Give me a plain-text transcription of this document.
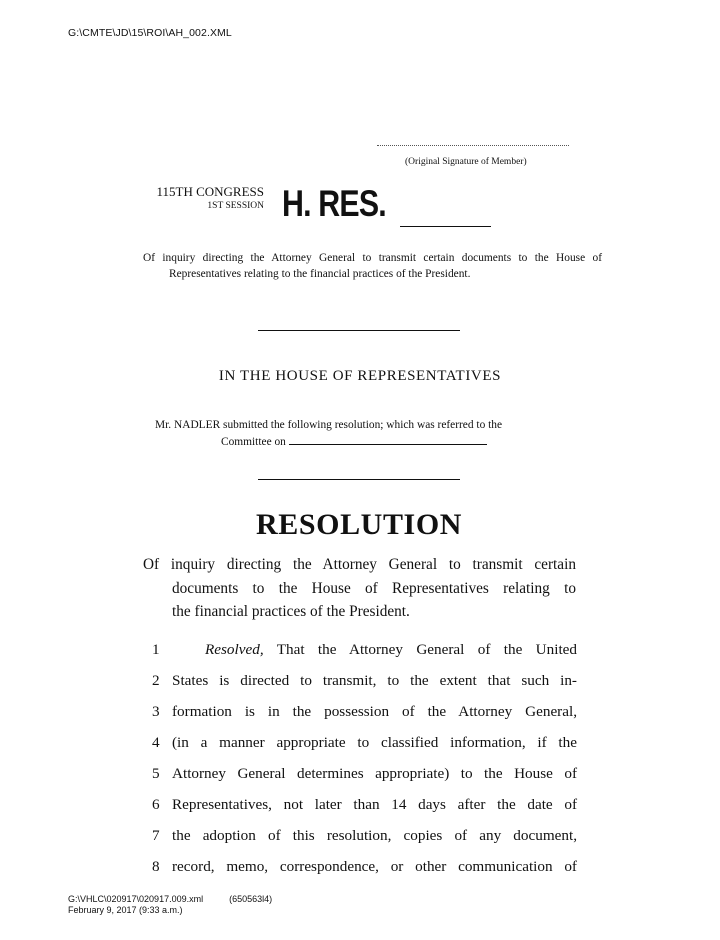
G:\CMTE\JD\15\ROI\AH_002.XML
(Original Signature of Member)
115TH CONGRESS
1ST SESSION H. RES.
Of inquiry directing the Attorney General to transmit certain documents to the House of Representatives relating to the financial practices of the President.
IN THE HOUSE OF REPRESENTATIVES
Mr. NADLER submitted the following resolution; which was referred to the
Committee on
RESOLUTION
Of inquiry directing the Attorney General to transmit certain
documents to the House of Representatives relating to
the financial practices of the President.
1	Resolved, That the Attorney General of the United
2 States is directed to transmit, to the extent that such in-
3 formation is in the possession of the Attorney General,
4 (in a manner appropriate to classified information, if the
5 Attorney General determines appropriate) to the House of
6 Representatives, not later than 14 days after the date of
7 the adoption of this resolution, copies of any document,
8 record, memo, correspondence, or other communication of
G:\VHLC\020917\020917.009.xml	(650563l4)
February 9, 2017 (9:33 a.m.)
